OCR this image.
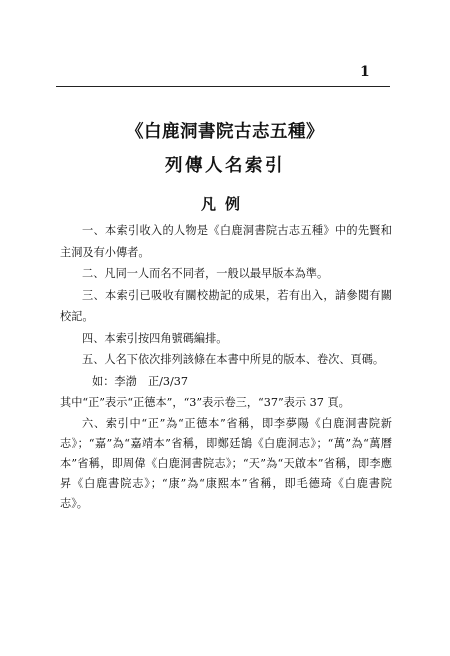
1
《白鹿洞書院古志五種》
列傳人名索引
凡例

一、本索引收入的人物是《白鹿洞書院古志五種》中的先賢和主洞及有小傳者。

二、凡同一人而名不同者，一般以最早版本為準。

三、本索引已吸收有關校勘記的成果，若有出入，請參閱有關校記。

四、本索引按四角號碼編排。

五、人名下依次排列該條在本書中所見的版本、卷次、頁碼。

如：李渤　正/3/37

其中“正”表示“正德本”，“3”表示卷三，“37”表示 37 頁。

六、索引中“正”為“正德本”省稱，即李夢陽《白鹿洞書院新志》；“嘉”為“嘉靖本”省稱，即鄭廷鵠《白鹿洞志》；“萬”為“萬曆本”省稱，即周偉《白鹿洞書院志》；“天”為“天啟本”省稱，即李應昇《白鹿書院志》；“康”為“康熙本”省稱，即毛德琦《白鹿書院志》。
